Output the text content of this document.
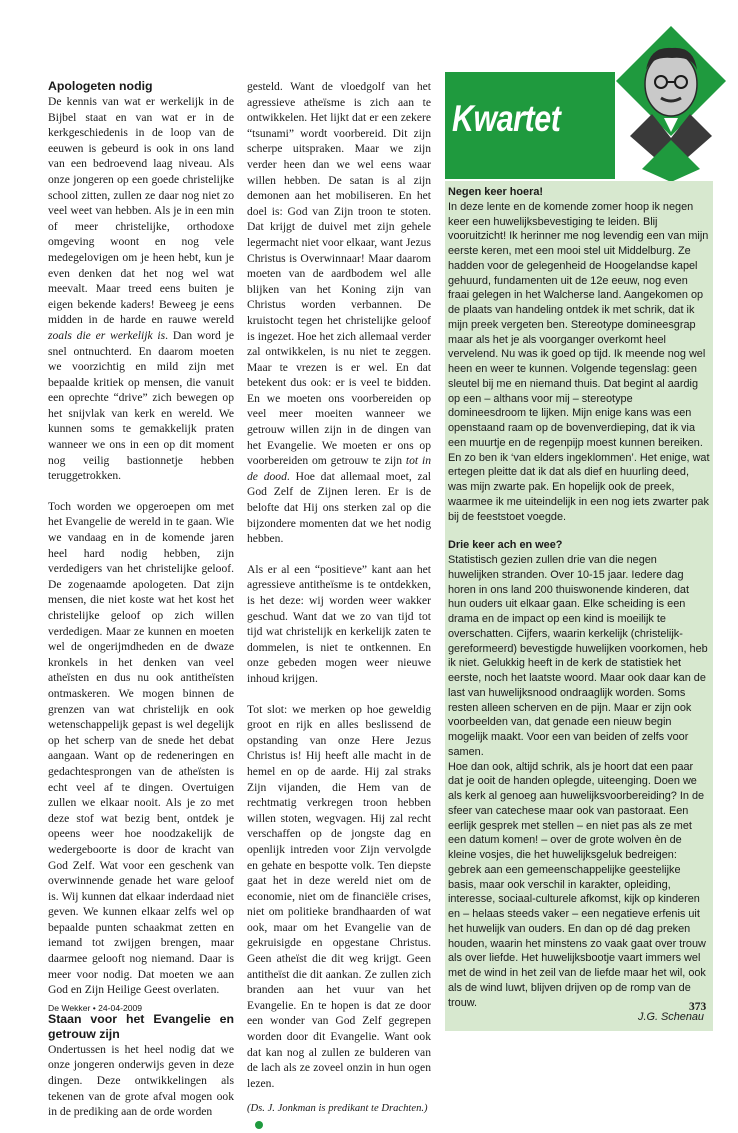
Apologeten nodig

De kennis van wat er werkelijk in de Bijbel staat en van wat er in de kerkgeschiedenis in de loop van de eeuwen is gebeurd is ook in ons land van een bedroevend laag niveau. Als onze jongeren op een goede christelijke school zitten, zullen ze daar nog niet zo veel weet van hebben. Als je in een min of meer christelijke, orthodoxe omgeving woont en nog vele medegelovigen om je heen hebt, kun je even denken dat het nog wel wat meevalt. Maar treed eens buiten je eigen bekende kaders! Beweeg je eens midden in de harde en rauwe wereld zoals die er werkelijk is. Dan word je snel ontnuchterd. En daarom moeten we voorzichtig en mild zijn met bepaalde kritiek op mensen, die vanuit een oprechte “drive” zich bewegen op het snijvlak van kerk en wereld. We kunnen soms te gemakkelijk praten wanneer we ons in een op dit moment nog veilig bastionnetje hebben teruggetrokken.

Toch worden we opgeroepen om met het Evangelie de wereld in te gaan. Wie we vandaag en in de komende jaren heel hard nodig hebben, zijn verdedigers van het christelijke geloof. De zogenaamde apologeten. Dat zijn mensen, die niet koste wat het kost het christelijke geloof op zich willen verdedigen. Maar ze kunnen en moeten wel de ongerijmdheden en de dwaze kronkels in het denken van veel atheïsten en dus nu ook antitheïsten ontmaskeren. We mogen binnen de grenzen van wat christelijk en ook wetenschappelijk gepast is wel degelijk op het scherp van de snede het debat aangaan. Want op de redeneringen en gedachtesprongen van de atheïsten is echt veel af te dingen. Overtuigen zullen we elkaar nooit. Als je zo met deze stof wat bezig bent, ontdek je opeens weer hoe noodzakelijk de wedergeboorte is door de kracht van God Zelf. Wat voor een geschenk van overwinnende genade het ware geloof is. Wij kunnen dat elkaar inderdaad niet geven. We kunnen elkaar zelfs wel op bepaalde punten schaakmat zetten en iemand tot zwijgen brengen, maar daarmee gelooft nog niemand. Daar is meer voor nodig. Dat moeten we aan God en Zijn Heilige Geest overlaten.

Staan voor het Evangelie en getrouw zijn

Ondertussen is het heel nodig dat we onze jongeren onderwijs geven in deze dingen. Deze ontwikkelingen als tekenen van de grote afval mogen ook in de prediking aan de orde worden

gesteld. Want de vloedgolf van het agressieve atheïsme is zich aan te ontwikkelen. Het lijkt dat er een zekere “tsunami” wordt voorbereid. Dit zijn scherpe uitspraken. Maar we zijn verder heen dan we wel eens waar willen hebben. De satan is al zijn demonen aan het mobiliseren. En het doel is: God van Zijn troon te stoten. Dat krijgt de duivel met zijn gehele legermacht niet voor elkaar, want Jezus Christus is Overwinnaar! Maar daarom moeten van de aardbodem wel alle blijken van het Koning zijn van Christus worden verbannen. De kruistocht tegen het christelijke geloof is ingezet. Hoe het zich allemaal verder zal ontwikkelen, is nu niet te zeggen. Maar te vrezen is er wel. En dat betekent dus ook: er is veel te bidden. En we moeten ons voorbereiden op veel meer moeiten wanneer we getrouw willen zijn in de dingen van het Evangelie. We moeten er ons op voorbereiden om getrouw te zijn tot in de dood. Hoe dat allemaal moet, zal God Zelf de Zijnen leren. Er is de belofte dat Hij ons sterken zal op die bijzondere momenten dat we het nodig hebben.

Als er al een “positieve” kant aan het agressieve antitheïsme is te ontdekken, is het deze: wij worden weer wakker geschud. Want dat we zo van tijd tot tijd wat christelijk en kerkelijk zaten te dommelen, is niet te ontkennen. En onze gebeden mogen weer nieuwe inhoud krijgen.

Tot slot: we merken op hoe geweldig groot en rijk en alles beslissend de opstanding van onze Here Jezus Christus is! Hij heeft alle macht in de hemel en op de aarde. Hij zal straks Zijn vijanden, die Hem van de rechtmatig verkregen troon hebben willen stoten, wegvagen. Hij zal recht verschaffen op de jongste dag en openlijk intreden voor Zijn vervolgde en gehate en bespotte volk. Ten diepste gaat het in deze wereld niet om de economie, niet om de financiële crises, niet om politieke brandhaarden of wat ook, maar om het Evangelie van de gekruisigde en opgestane Christus. Geen atheïst die dit weg krijgt. Geen antitheïst die dit aankan. Ze zullen zich branden aan het vuur van het Evangelie. En te hopen is dat ze door een wonder van God Zelf gegrepen worden door dit Evangelie. Want ook dat kan nog al zullen ze bulderen van de lach als ze zoveel onzin in hun ogen lezen.

(Ds. J. Jonkman is predikant te Drachten.)

Kwartet
Negen keer hoera!

In deze lente en de komende zomer hoop ik negen keer een huwelijksbevestiging te leiden. Blij vooruitzicht! Ik herinner me nog levendig een van mijn eerste keren, met een mooi stel uit Middelburg. Ze hadden voor de gelegenheid de Hoogelandse kapel gehuurd, fundamenten uit de 12e eeuw, nog even fraai gelegen in het Walcherse land. Aangekomen op de plaats van handeling ontdek ik met schrik, dat ik mijn preek vergeten ben. Stereotype domineesgrap maar als het je als voorganger overkomt heel vervelend. Nu was ik goed op tijd. Ik meende nog wel heen en weer te kunnen. Volgende tegenslag: geen sleutel bij me en niemand thuis. Dat begint al aardig op een – althans voor mij – stereotype domineesdroom te lijken. Mijn enige kans was een openstaand raam op de bovenverdieping, dat ik via een muurtje en de regenpijp moest kunnen bereiken. En zo ben ik ‘van elders ingeklommen’. Het enige, wat ertegen pleitte dat ik dat als dief en huurling deed, was mijn zwarte pak. En hopelijk ook de preek, waarmee ik me uiteindelijk in een nog iets zwarter pak bij de feeststoet voegde.

Drie keer ach en wee?

Statistisch gezien zullen drie van die negen huwelijken stranden. Over 10-15 jaar. Iedere dag horen in ons land 200 thuiswonende kinderen, dat hun ouders uit elkaar gaan. Elke scheiding is een drama en de impact op een kind is moeilijk te overschatten. Cijfers, waarin kerkelijk (christelijk-gereformeerd) bevestigde huwelijken voorkomen, heb ik niet. Gelukkig heeft in de kerk de statistiek het eerste, noch het laatste woord. Maar ook daar kan de last van huwelijksnood ondraaglijk worden. Soms resten alleen scherven en de pijn. Maar er zijn ook voorbeelden van, dat genade een nieuw begin mogelijk maakt. Voor een van beiden of zelfs voor samen.

Hoe dan ook, altijd schrik, als je hoort dat een paar dat je ooit de handen oplegde, uiteenging. Doen we als kerk al genoeg aan huwelijksvoorbereiding? In de sfeer van catechese maar ook van pastoraat. Een eerlijk gesprek met stellen – en niet pas als ze met een datum komen! – over de grote wolven èn de kleine vosjes, die het huwelijksgeluk bedreigen: gebrek aan een gemeenschappelijke geestelijke basis, maar ook verschil in karakter, opleiding, interesse, sociaal-culturele afkomst, kijk op kinderen en – helaas steeds vaker – een negatieve erfenis uit het huwelijk van ouders. En dan op dé dag preken houden, waarin het minstens zo vaak gaat over trouw als over liefde. Het huwelijksbootje vaart immers wel met de wind in het zeil van de liefde maar het wil, ook als de wind luwt, blijven drijven op de romp van de trouw.

J.G. Schenau

De Wekker • 24-04-2009	373
